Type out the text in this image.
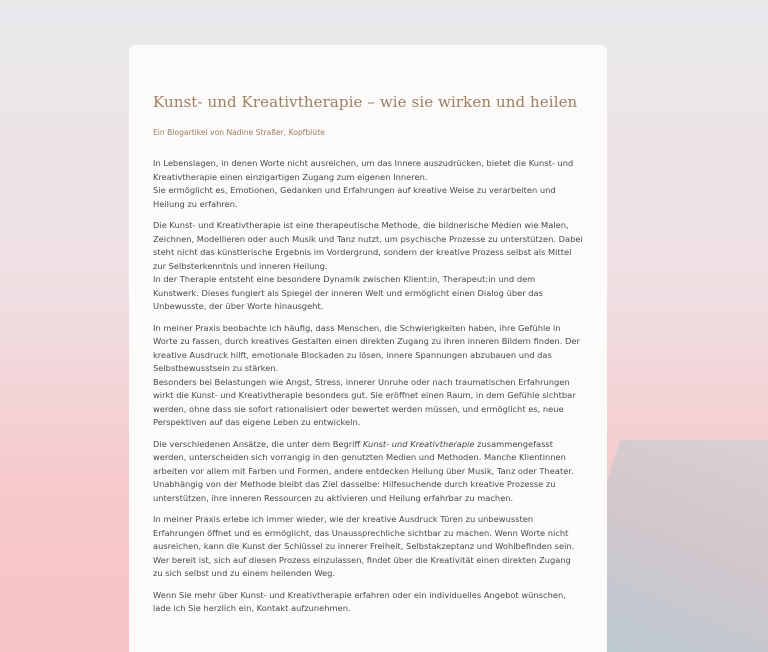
Kunst- und Kreativtherapie – wie sie wirken und heilen

Ein Blogartikel von Nadine Straßer, Kopfblüte

In Lebenslagen, in denen Worte nicht ausreichen, um das Innere auszudrücken, bietet die Kunst- und Kreativtherapie einen einzigartigen Zugang zum eigenen Inneren.
Sie ermöglicht es, Emotionen, Gedanken und Erfahrungen auf kreative Weise zu verarbeiten und Heilung zu erfahren.

Die Kunst- und Kreativtherapie ist eine therapeutische Methode, die bildnerische Medien wie Malen, Zeichnen, Modellieren oder auch Musik und Tanz nutzt, um psychische Prozesse zu unterstützen. Dabei steht nicht das künstlerische Ergebnis im Vordergrund, sondern der kreative Prozess selbst als Mittel zur Selbsterkenntnis und inneren Heilung.
In der Therapie entsteht eine besondere Dynamik zwischen Klient:in, Therapeut:in und dem Kunstwerk. Dieses fungiert als Spiegel der inneren Welt und ermöglicht einen Dialog über das Unbewusste, der über Worte hinausgeht.

In meiner Praxis beobachte ich häufig, dass Menschen, die Schwierigkeiten haben, ihre Gefühle in Worte zu fassen, durch kreatives Gestalten einen direkten Zugang zu ihren inneren Bildern finden. Der kreative Ausdruck hilft, emotionale Blockaden zu lösen, innere Spannungen abzubauen und das Selbstbewusstsein zu stärken.
Besonders bei Belastungen wie Angst, Stress, innerer Unruhe oder nach traumatischen Erfahrungen wirkt die Kunst- und Kreativtherapie besonders gut. Sie eröffnet einen Raum, in dem Gefühle sichtbar werden, ohne dass sie sofort rationalisiert oder bewertet werden müssen, und ermöglicht es, neue Perspektiven auf das eigene Leben zu entwickeln.

Die verschiedenen Ansätze, die unter dem Begriff Kunst- und Kreativtherapie zusammengefasst werden, unterscheiden sich vorrangig in den genutzten Medien und Methoden. Manche Klientinnen arbeiten vor allem mit Farben und Formen, andere entdecken Heilung über Musik, Tanz oder Theater.
Unabhängig von der Methode bleibt das Ziel dasselbe: Hilfesuchende durch kreative Prozesse zu unterstützen, ihre inneren Ressourcen zu aktivieren und Heilung erfahrbar zu machen.

In meiner Praxis erlebe ich immer wieder, wie der kreative Ausdruck Türen zu unbewussten Erfahrungen öffnet und es ermöglicht, das Unaussprechliche sichtbar zu machen. Wenn Worte nicht ausreichen, kann die Kunst der Schlüssel zu innerer Freiheit, Selbstakzeptanz und Wohlbefinden sein. Wer bereit ist, sich auf diesen Prozess einzulassen, findet über die Kreativität einen direkten Zugang zu sich selbst und zu einem heilenden Weg.

Wenn Sie mehr über Kunst- und Kreativtherapie erfahren oder ein individuelles Angebot wünschen, lade ich Sie herzlich ein, Kontakt aufzunehmen.
